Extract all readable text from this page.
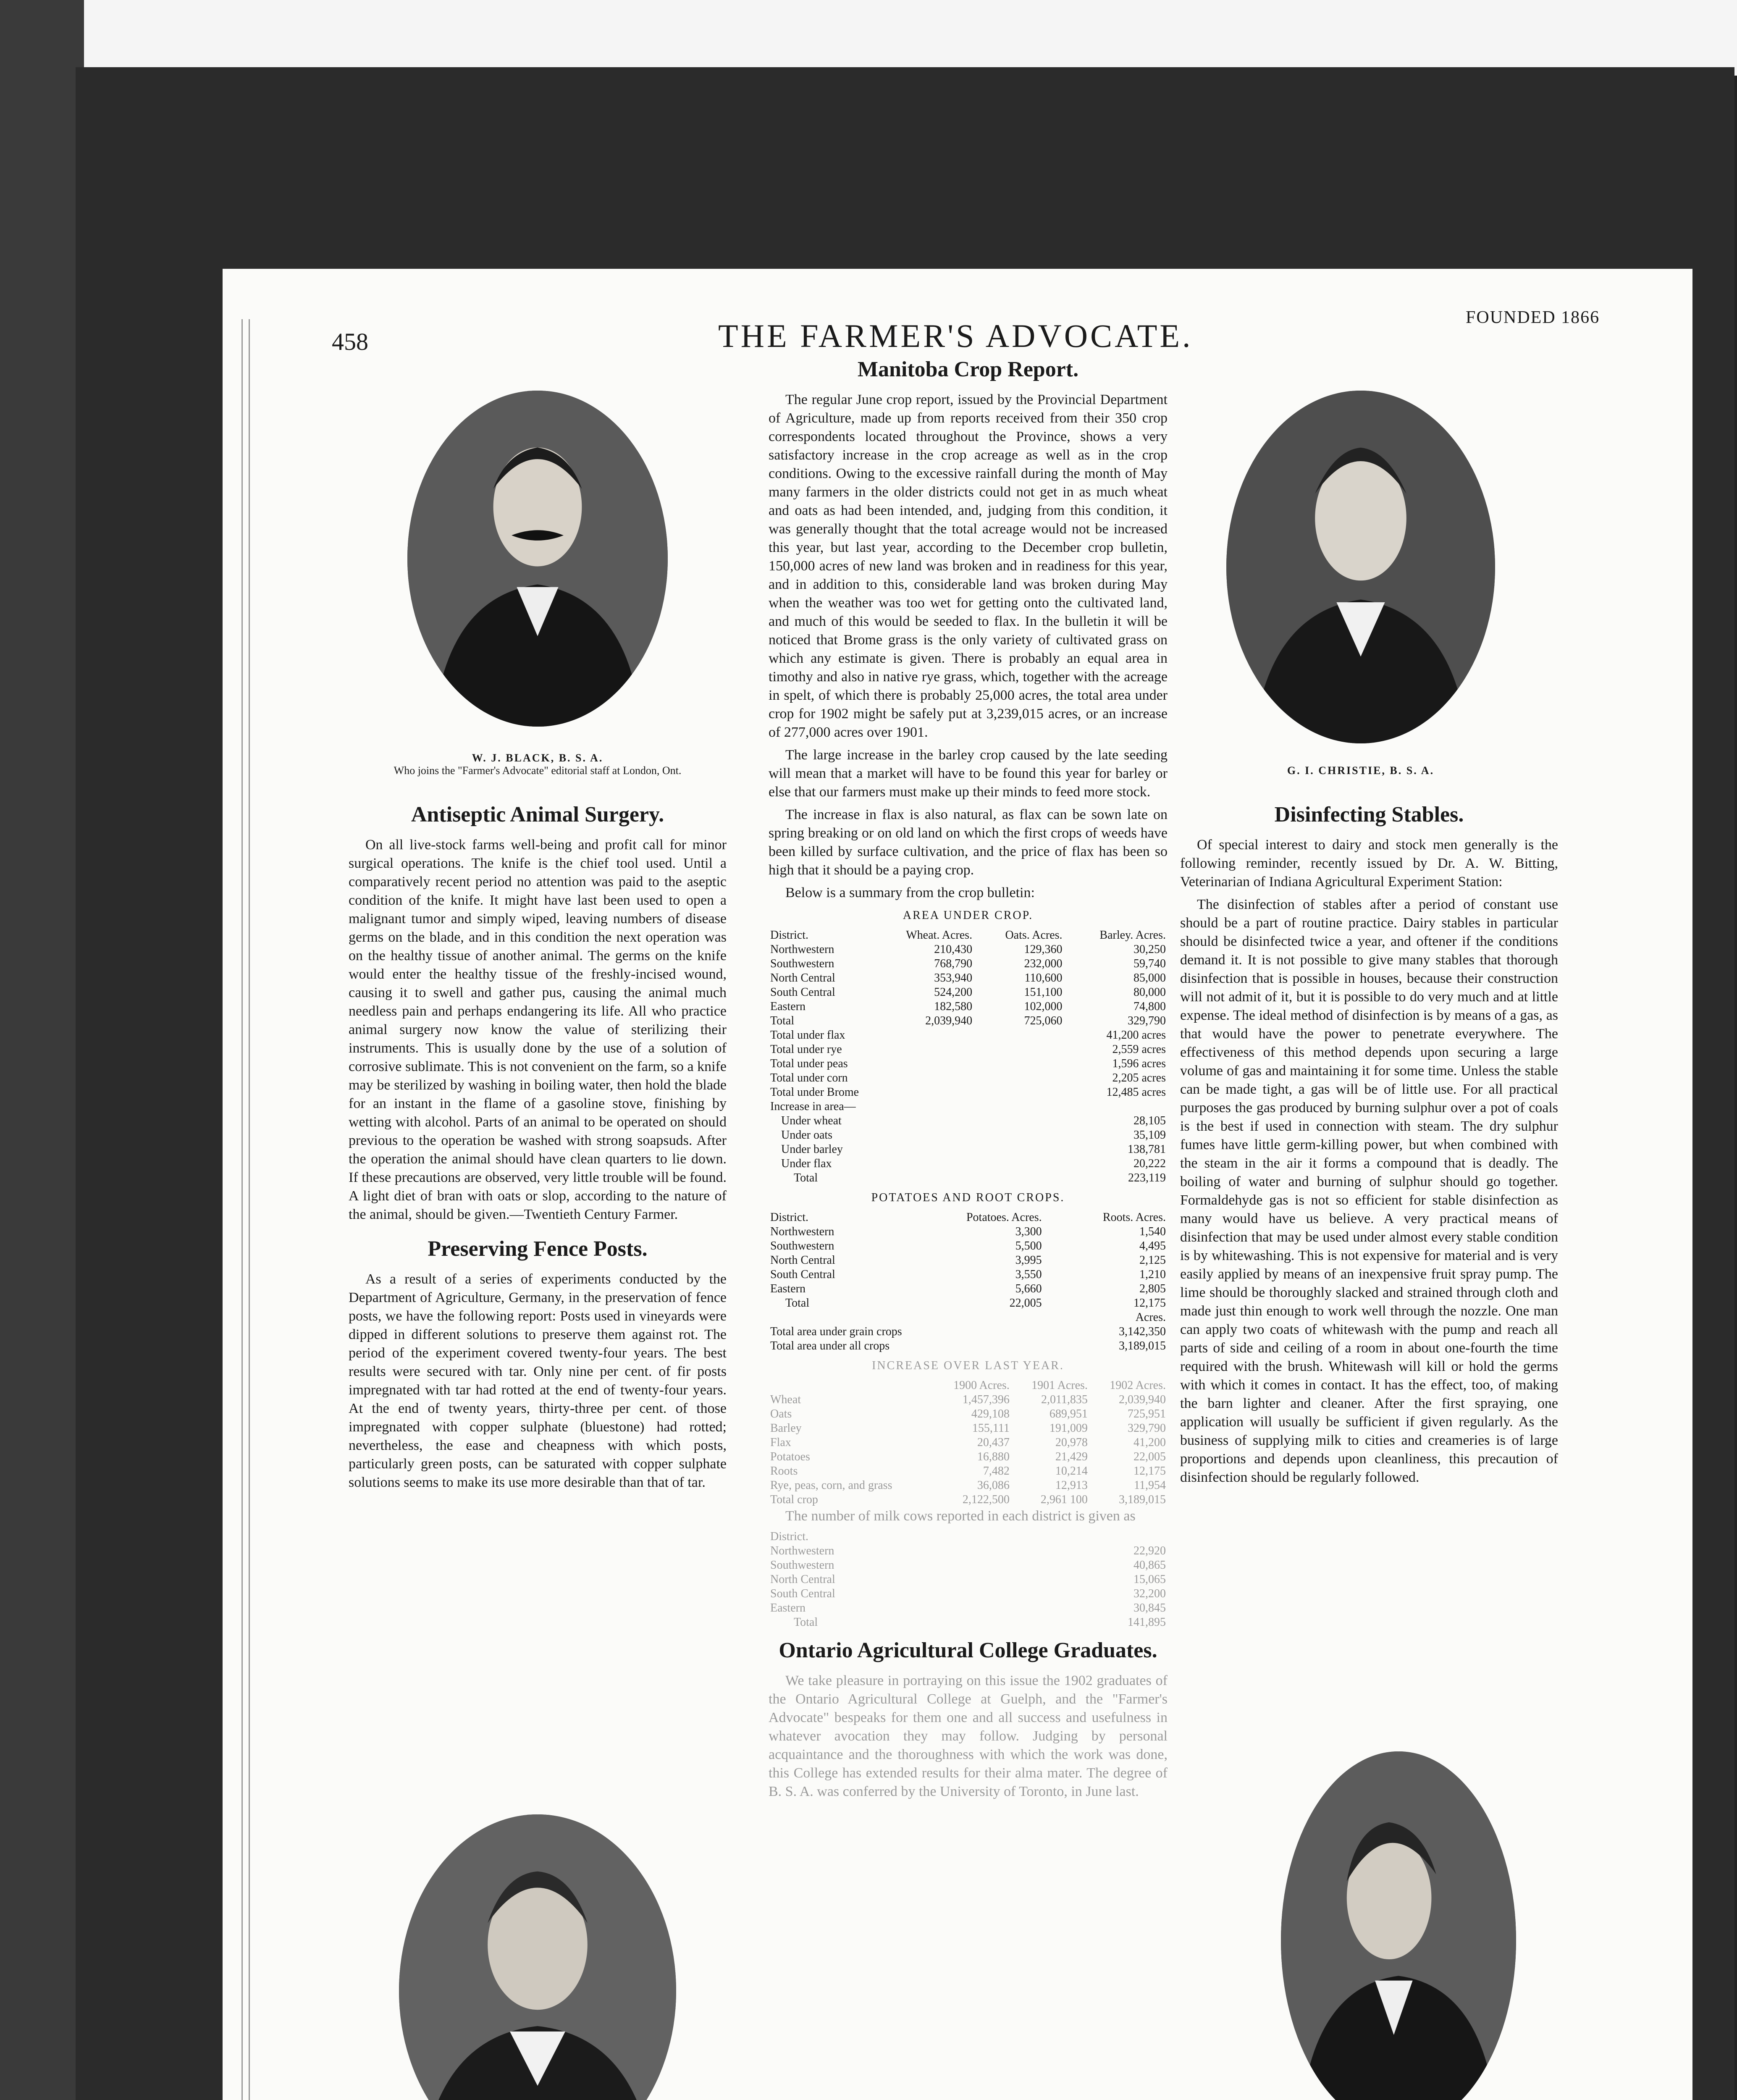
458	THE FARMER'S ADVOCATE.	FOUNDED 1866
W. J. BLACK, B. S. A.
Who joins the "Farmer's Advocate" editorial staff at London, Ont.
Antiseptic Animal Surgery.

On all live-stock farms well-being and profit call for minor surgical operations. The knife is the chief tool used. Until a comparatively recent period no attention was paid to the aseptic condition of the knife. It might have last been used to open a malignant tumor and simply wiped, leaving numbers of disease germs on the blade, and in this condition the next operation was on the healthy tissue of another animal. The germs on the knife would enter the healthy tissue of the freshly-incised wound, causing it to swell and gather pus, causing the animal much needless pain and perhaps endangering its life. All who practice animal surgery now know the value of sterilizing their instruments. This is usually done by the use of a solution of corrosive sublimate. This is not convenient on the farm, so a knife may be sterilized by washing in boiling water, then hold the blade for an instant in the flame of a gasoline stove, finishing by wetting with alcohol. Parts of an animal to be operated on should previous to the operation be washed with strong soapsuds. After the operation the animal should have clean quarters to lie down. If these precautions are observed, very little trouble will be found. A light diet of bran with oats or slop, according to the nature of the animal, should be given.—Twentieth Century Farmer.

Preserving Fence Posts.

As a result of a series of experiments conducted by the Department of Agriculture, Germany, in the preservation of fence posts, we have the following report: Posts used in vineyards were dipped in different solutions to preserve them against rot. The period of the experiment covered twenty-four years. The best results were secured with tar. Only nine per cent. of fir posts impregnated with tar had rotted at the end of twenty-four years. At the end of twenty years, thirty-three per cent. of those impregnated with copper sulphate (bluestone) had rotted; nevertheless, the ease and cheapness with which posts, particularly green posts, can be saturated with copper sulphate solutions seems to make its use more desirable than that of tar.

Manitoba Crop Report.

The regular June crop report, issued by the Provincial Department of Agriculture, made up from reports received from their 350 crop correspondents located throughout the Province, shows a very satisfactory increase in the crop acreage as well as in the crop conditions. Owing to the excessive rainfall during the month of May many farmers in the older districts could not get in as much wheat and oats as had been intended, and, judging from this condition, it was generally thought that the total acreage would not be increased this year, but last year, according to the December crop bulletin, 150,000 acres of new land was broken and in readiness for this year, and in addition to this, considerable land was broken during May when the weather was too wet for getting onto the cultivated land, and much of this would be seeded to flax. In the bulletin it will be noticed that Brome grass is the only variety of cultivated grass on which any estimate is given. There is probably an equal area in timothy and also in native rye grass, which, together with the acreage in spelt, of which there is probably 25,000 acres, the total area under crop for 1902 might be safely put at 3,239,015 acres, or an increase of 277,000 acres over 1901.

The large increase in the barley crop caused by the late seeding will mean that a market will have to be found this year for barley or else that our farmers must make up their minds to feed more stock.

The increase in flax is also natural, as flax can be sown late on spring breaking or on old land on which the first crops of weeds have been killed by surface cultivation, and the price of flax has been so high that it should be a paying crop.

Below is a summary from the crop bulletin:

AREA UNDER CROP.
District.	Wheat. Acres.	Oats. Acres.	Barley. Acres.
Northwestern	210,430	129,360	30,250
Southwestern	768,790	232,000	59,740
North Central	353,940	110,600	85,000
South Central	524,200	151,100	80,000
Eastern	182,580	102,000	74,800
Total	2,039,940	725,060	329,790
Total under flax	41,200 acres
Total under rye	2,559 acres
Total under peas	1,596 acres
Total under corn	2,205 acres
Total under Brome	12,485 acres
Increase in area—	
Under wheat	28,105
Under oats	35,109
Under barley	138,781
Under flax	20,222
Total	223,119
POTATOES AND ROOT CROPS.
District.	Potatoes. Acres.	Roots. Acres.
Northwestern	3,300	1,540
Southwestern	5,500	4,495
North Central	3,995	2,125
South Central	3,550	1,210
Eastern	5,660	2,805
Total	22,005	12,175
		Acres.
Total area under grain crops		3,142,350
Total area under all crops		3,189,015
INCREASE OVER LAST YEAR.
	1900 Acres.	1901 Acres.	1902 Acres.
Wheat	1,457,396	2,011,835	2,039,940
Oats	429,108	689,951	725,951
Barley	155,111	191,009	329,790
Flax	20,437	20,978	41,200
Potatoes	16,880	21,429	22,005
Roots	7,482	10,214	12,175
Rye, peas, corn, and grass	36,086	12,913	11,954
Total crop	2,122,500	2,961 100	3,189,015

The number of milk cows reported in each district is given as

District.	
Northwestern	22,920
Southwestern	40,865
North Central	15,065
South Central	32,200
Eastern	30,845
Total	141,895
Ontario Agricultural College Graduates.

We take pleasure in portraying on this issue the 1902 graduates of the Ontario Agricultural College at Guelph, and the "Farmer's Advocate" bespeaks for them one and all success and usefulness in whatever avocation they may follow. Judging by personal acquaintance and the thoroughness with which the work was done, this College has extended results for their alma mater. The degree of B. S. A. was conferred by the University of Toronto, in June last.

G. I. CHRISTIE, B. S. A.
Disinfecting Stables.

Of special interest to dairy and stock men generally is the following reminder, recently issued by Dr. A. W. Bitting, Veterinarian of Indiana Agricultural Experiment Station:

The disinfection of stables after a period of constant use should be a part of routine practice. Dairy stables in particular should be disinfected twice a year, and oftener if the conditions demand it. It is not possible to give many stables that thorough disinfection that is possible in houses, because their construction will not admit of it, but it is possible to do very much and at little expense. The ideal method of disinfection is by means of a gas, as that would have the power to penetrate everywhere. The effectiveness of this method depends upon securing a large volume of gas and maintaining it for some time. Unless the stable can be made tight, a gas will be of little use. For all practical purposes the gas produced by burning sulphur over a pot of coals is the best if used in connection with steam. The dry sulphur fumes have little germ-killing power, but when combined with the steam in the air it forms a compound that is deadly. The boiling of water and burning of sulphur should go together. Formaldehyde gas is not so efficient for stable disinfection as many would have us believe. A very practical means of disinfection that may be used under almost every stable condition is by whitewashing. This is not expensive for material and is very easily applied by means of an inexpensive fruit spray pump. The lime should be thoroughly slacked and strained through cloth and made just thin enough to work well through the nozzle. One man can apply two coats of whitewash with the pump and reach all parts of side and ceiling of a room in about one-fourth the time required with the brush. Whitewash will kill or hold the germs with which it comes in contact. It has the effect, too, of making the barn lighter and cleaner. After the first spraying, one application will usually be sufficient if given regularly. As the business of supplying milk to cities and creameries is of large proportions and depends upon cleanliness, this precaution of disinfection should be regularly followed.
